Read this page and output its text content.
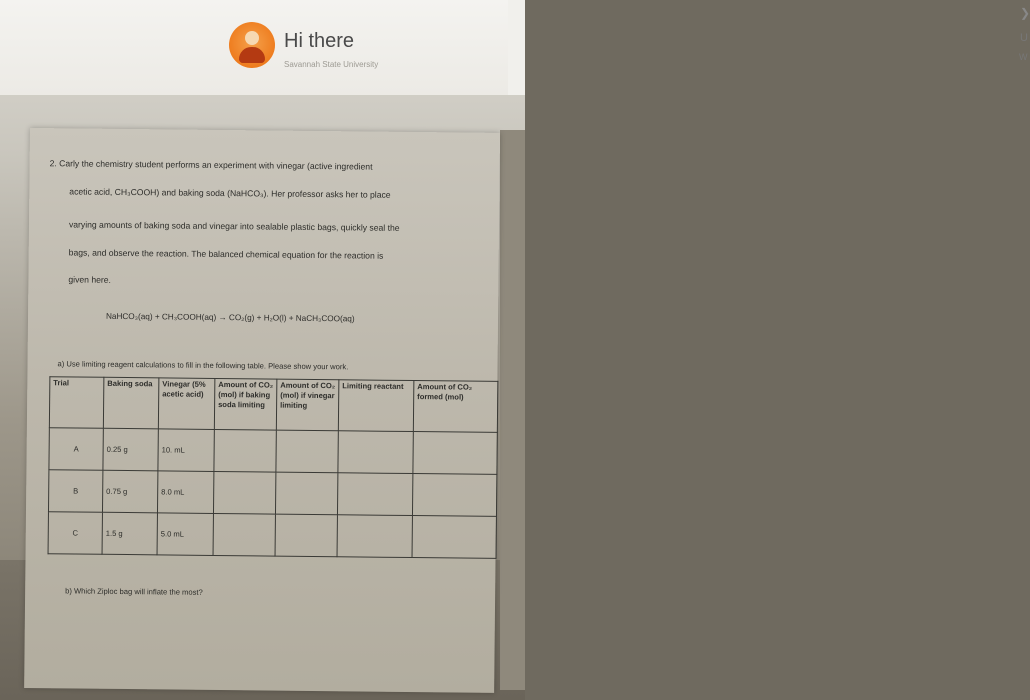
Hi there
Savannah State University
❯
U
W
2. Carly the chemistry student performs an experiment with vinegar (active ingredient
acetic acid, CH₃COOH) and baking soda (NaHCO₃). Her professor asks her to place
varying amounts of baking soda and vinegar into sealable plastic bags, quickly seal the
bags, and observe the reaction. The balanced chemical equation for the reaction is
given here.
NaHCO₃(aq) + CH₃COOH(aq) → CO₂(g) + H₂O(l) + NaCH₃COO(aq)
a) Use limiting reagent calculations to fill in the following table. Please show your work.
Trial	Baking soda	Vinegar (5% acetic acid)	Amount of CO₂ (mol) if baking soda limiting	Amount of CO₂ (mol) if vinegar limiting	Limiting reactant	Amount of CO₂ formed (mol)
A	0.25 g	10. mL				
B	0.75 g	8.0 mL				
C	1.5 g	5.0 mL				
b) Which Ziploc bag will inflate the most?
